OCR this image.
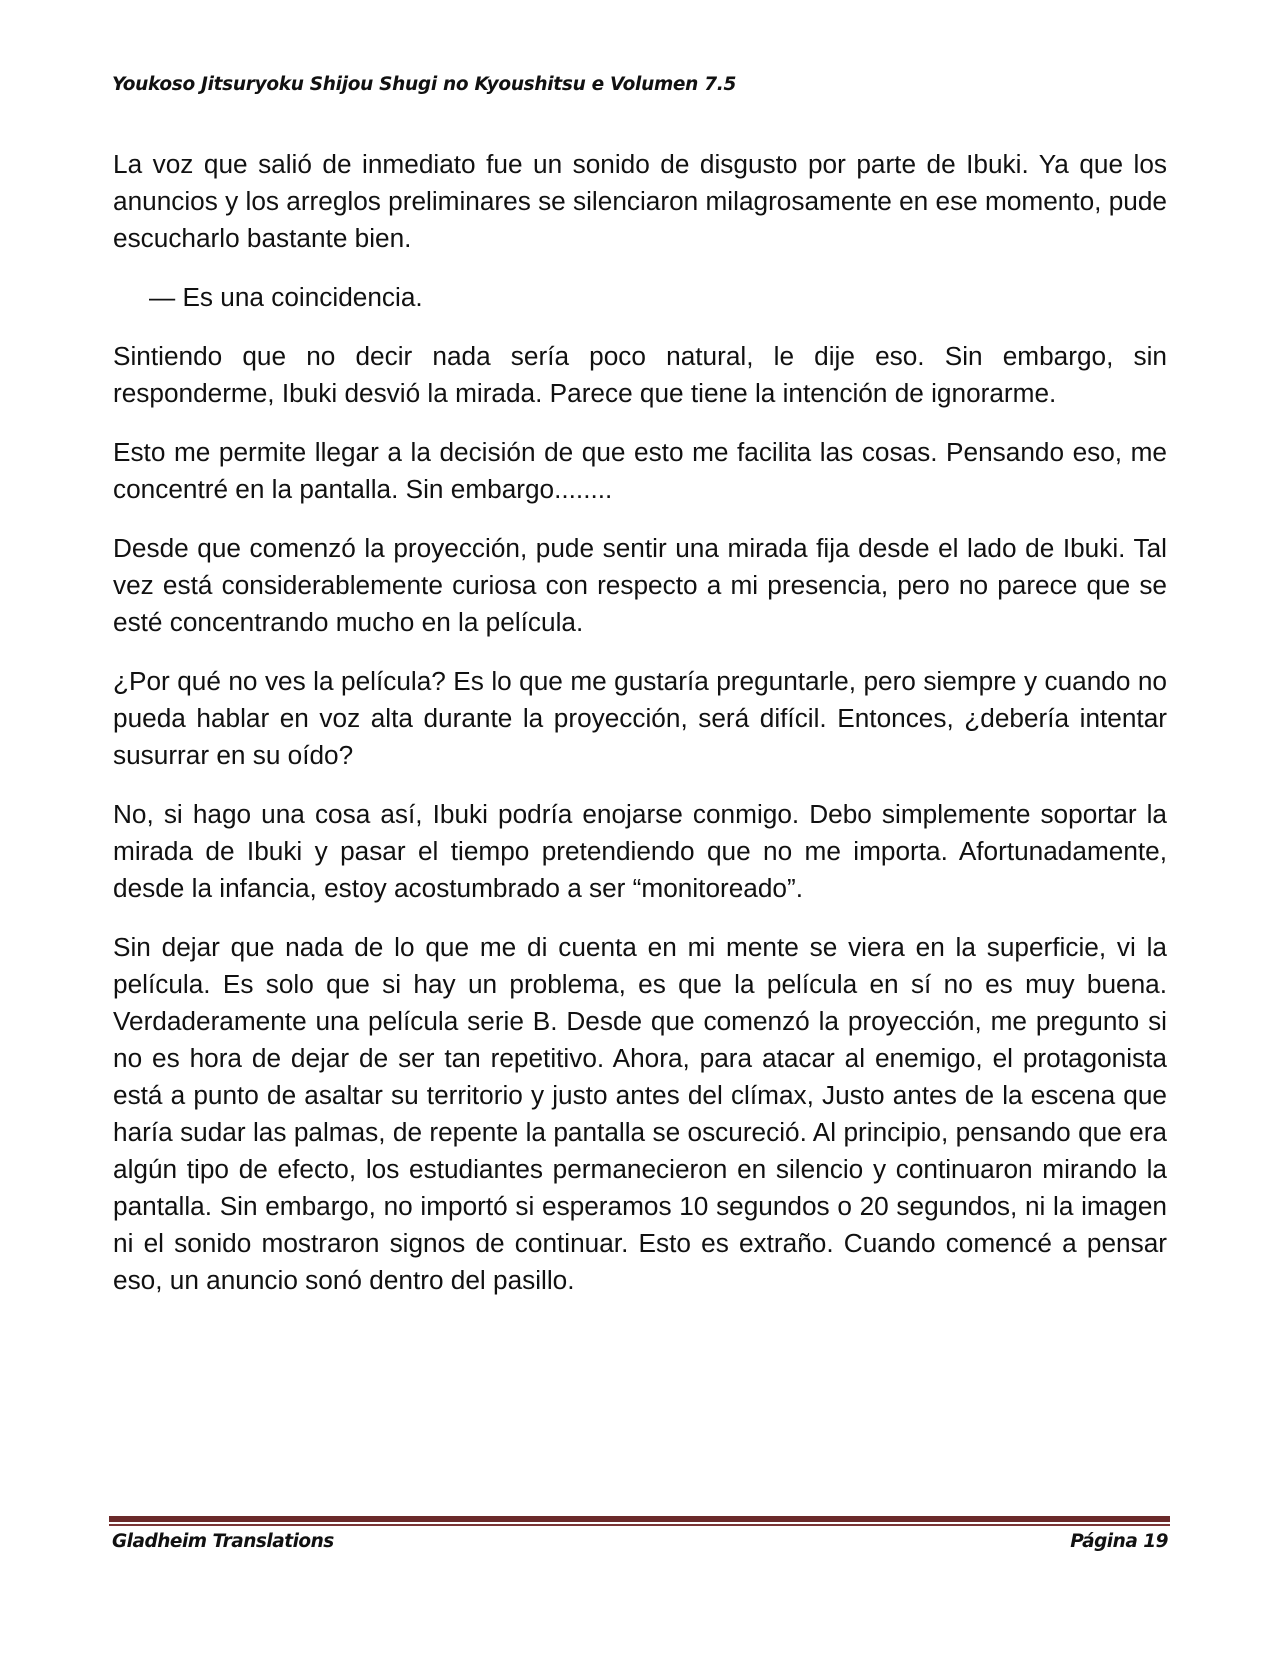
Youkoso Jitsuryoku Shijou Shugi no Kyoushitsu e Volumen 7.5

La voz que salió de inmediato fue un sonido de disgusto por parte de Ibuki. Ya que los anuncios y los arreglos preliminares se silenciaron milagrosamente en ese momento, pude escucharlo bastante bien.

— Es una coincidencia.

Sintiendo que no decir nada sería poco natural, le dije eso. Sin embargo, sin responderme, Ibuki desvió la mirada. Parece que tiene la intención de ignorarme.

Esto me permite llegar a la decisión de que esto me facilita las cosas. Pensando eso, me concentré en la pantalla. Sin embargo........

Desde que comenzó la proyección, pude sentir una mirada fija desde el lado de Ibuki. Tal vez está considerablemente curiosa con respecto a mi presencia, pero no parece que se esté concentrando mucho en la película.

¿Por qué no ves la película? Es lo que me gustaría preguntarle, pero siempre y cuando no pueda hablar en voz alta durante la proyección, será difícil. Entonces, ¿debería intentar susurrar en su oído?

No, si hago una cosa así, Ibuki podría enojarse conmigo. Debo simplemente soportar la mirada de Ibuki y pasar el tiempo pretendiendo que no me importa. Afortunadamente, desde la infancia, estoy acostumbrado a ser “monitoreado”.

Sin dejar que nada de lo que me di cuenta en mi mente se viera en la superficie, vi la película. Es solo que si hay un problema, es que la película en sí no es muy buena. Verdaderamente una película serie B. Desde que comenzó la proyección, me pregunto si no es hora de dejar de ser tan repetitivo. Ahora, para atacar al enemigo, el protagonista está a punto de asaltar su territorio y justo antes del clímax, Justo antes de la escena que haría sudar las palmas, de repente la pantalla se oscureció. Al principio, pensando que era algún tipo de efecto, los estudiantes permanecieron en silencio y continuaron mirando la pantalla. Sin embargo, no importó si esperamos 10 segundos o 20 segundos, ni la imagen ni el sonido mostraron signos de continuar. Esto es extraño. Cuando comencé a pensar eso, un anuncio sonó dentro del pasillo.

Gladheim Translations	Página 19
